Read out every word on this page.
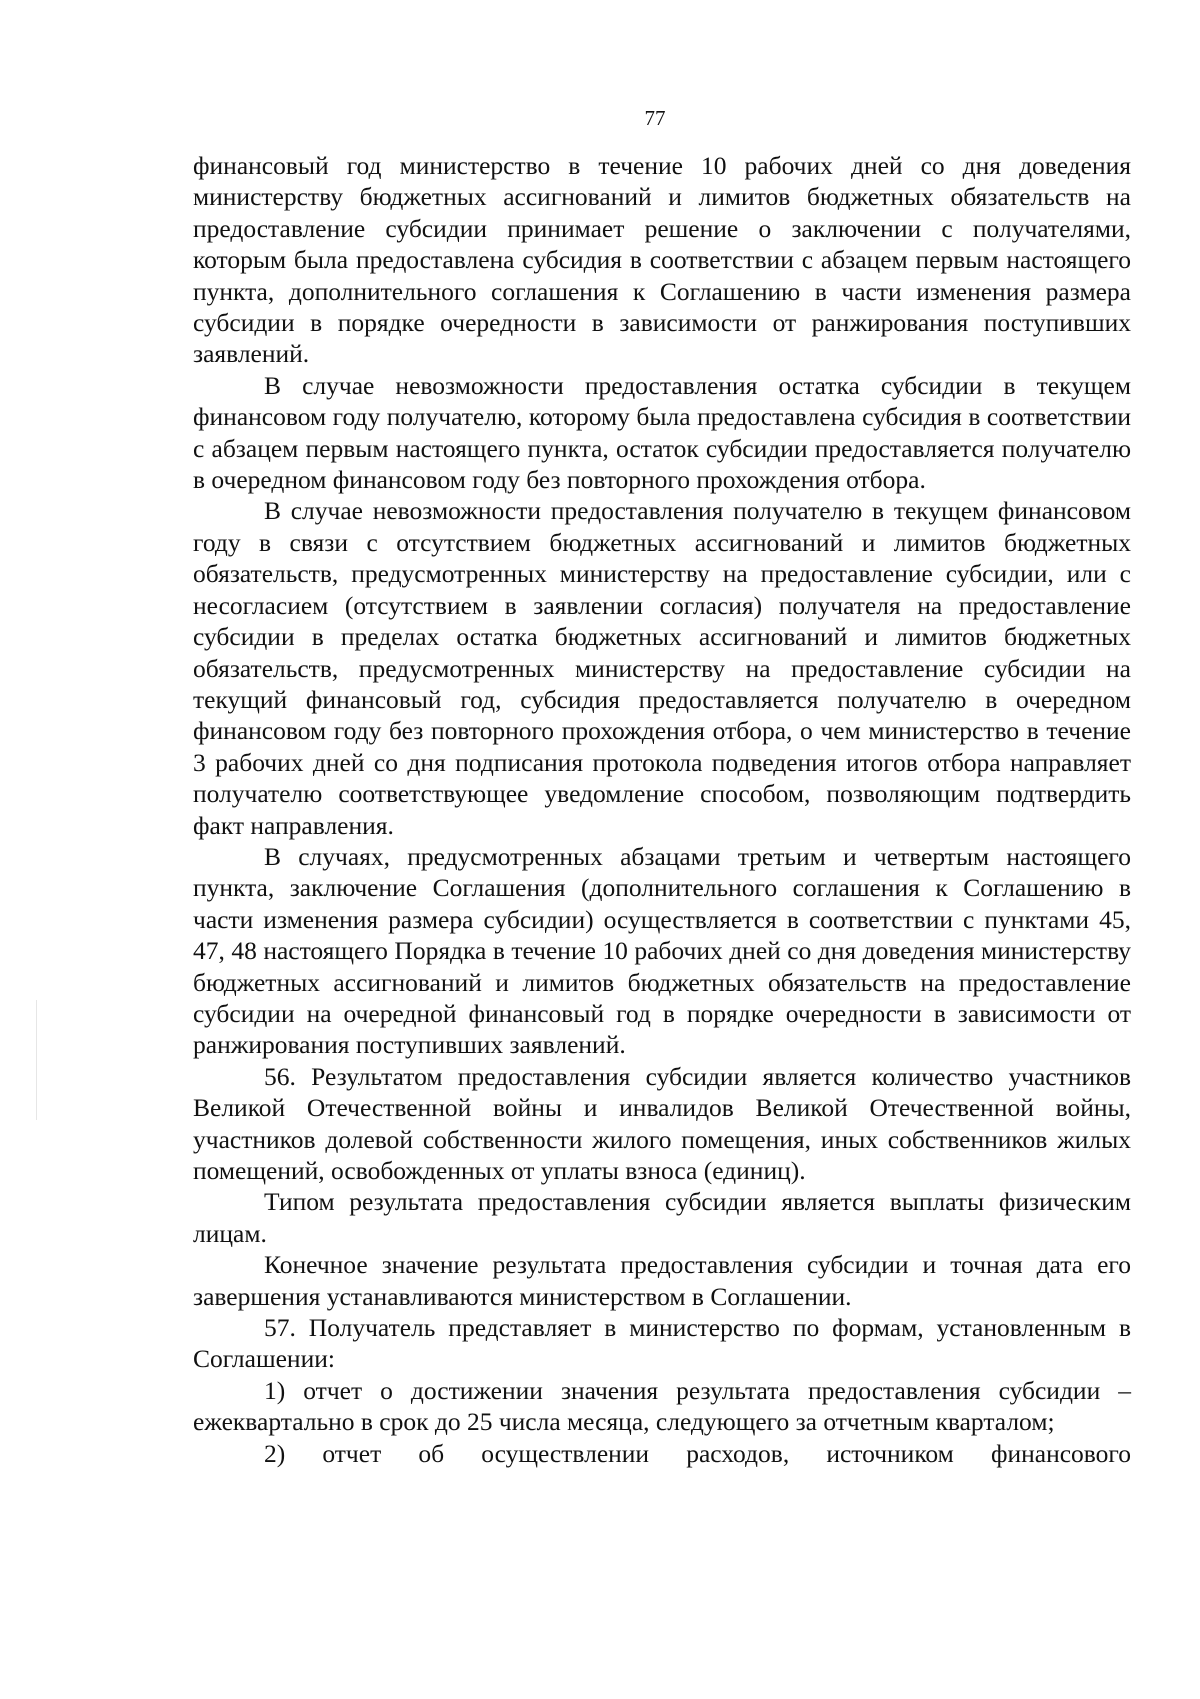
77

финансовый год министерство в течение 10 рабочих дней со дня доведения министерству бюджетных ассигнований и лимитов бюджетных обязательств на предоставление субсидии принимает решение о заключении с получателями, которым была предоставлена субсидия в соответствии с абзацем первым настоящего пункта, дополнительного соглашения к Соглашению в части изменения размера субсидии в порядке очередности в зависимости от ранжирования поступивших заявлений.

В случае невозможности предоставления остатка субсидии в текущем финансовом году получателю, которому была предоставлена субсидия в соответствии с абзацем первым настоящего пункта, остаток субсидии предоставляется получателю в очередном финансовом году без повторного прохождения отбора.

В случае невозможности предоставления получателю в текущем финансовом году в связи с отсутствием бюджетных ассигнований и лимитов бюджетных обязательств, предусмотренных министерству на предоставление субсидии, или с несогласием (отсутствием в заявлении согласия) получателя на предоставление субсидии в пределах остатка бюджетных ассигнований и лимитов бюджетных обязательств, предусмотренных министерству на предоставление субсидии на текущий финансовый год, субсидия предоставляется получателю в очередном финансовом году без повторного прохождения отбора, о чем министерство в течение 3 рабочих дней со дня подписания протокола подведения итогов отбора направляет получателю соответствующее уведомление способом, позволяющим подтвердить факт направления.

В случаях, предусмотренных абзацами третьим и четвертым настоящего пункта, заключение Соглашения (дополнительного соглашения к Соглашению в части изменения размера субсидии) осуществляется в соответствии с пунктами 45, 47, 48 настоящего Порядка в течение 10 рабочих дней со дня доведения министерству бюджетных ассигнований и лимитов бюджетных обязательств на предоставление субсидии на очередной финансовый год в порядке очередности в зависимости от ранжирования поступивших заявлений.

56. Результатом предоставления субсидии является количество участников Великой Отечественной войны и инвалидов Великой Отечественной войны, участников долевой собственности жилого помещения, иных собственников жилых помещений, освобожденных от уплаты взноса (единиц).

Типом результата предоставления субсидии является выплаты физическим лицам.

Конечное значение результата предоставления субсидии и точная дата его завершения устанавливаются министерством в Соглашении.

57. Получатель представляет в министерство по формам, установленным в Соглашении:

1) отчет о достижении значения результата предоставления субсидии – ежеквартально в срок до 25 числа месяца, следующего за отчетным кварталом;

2) отчет об осуществлении расходов, источником финансового
